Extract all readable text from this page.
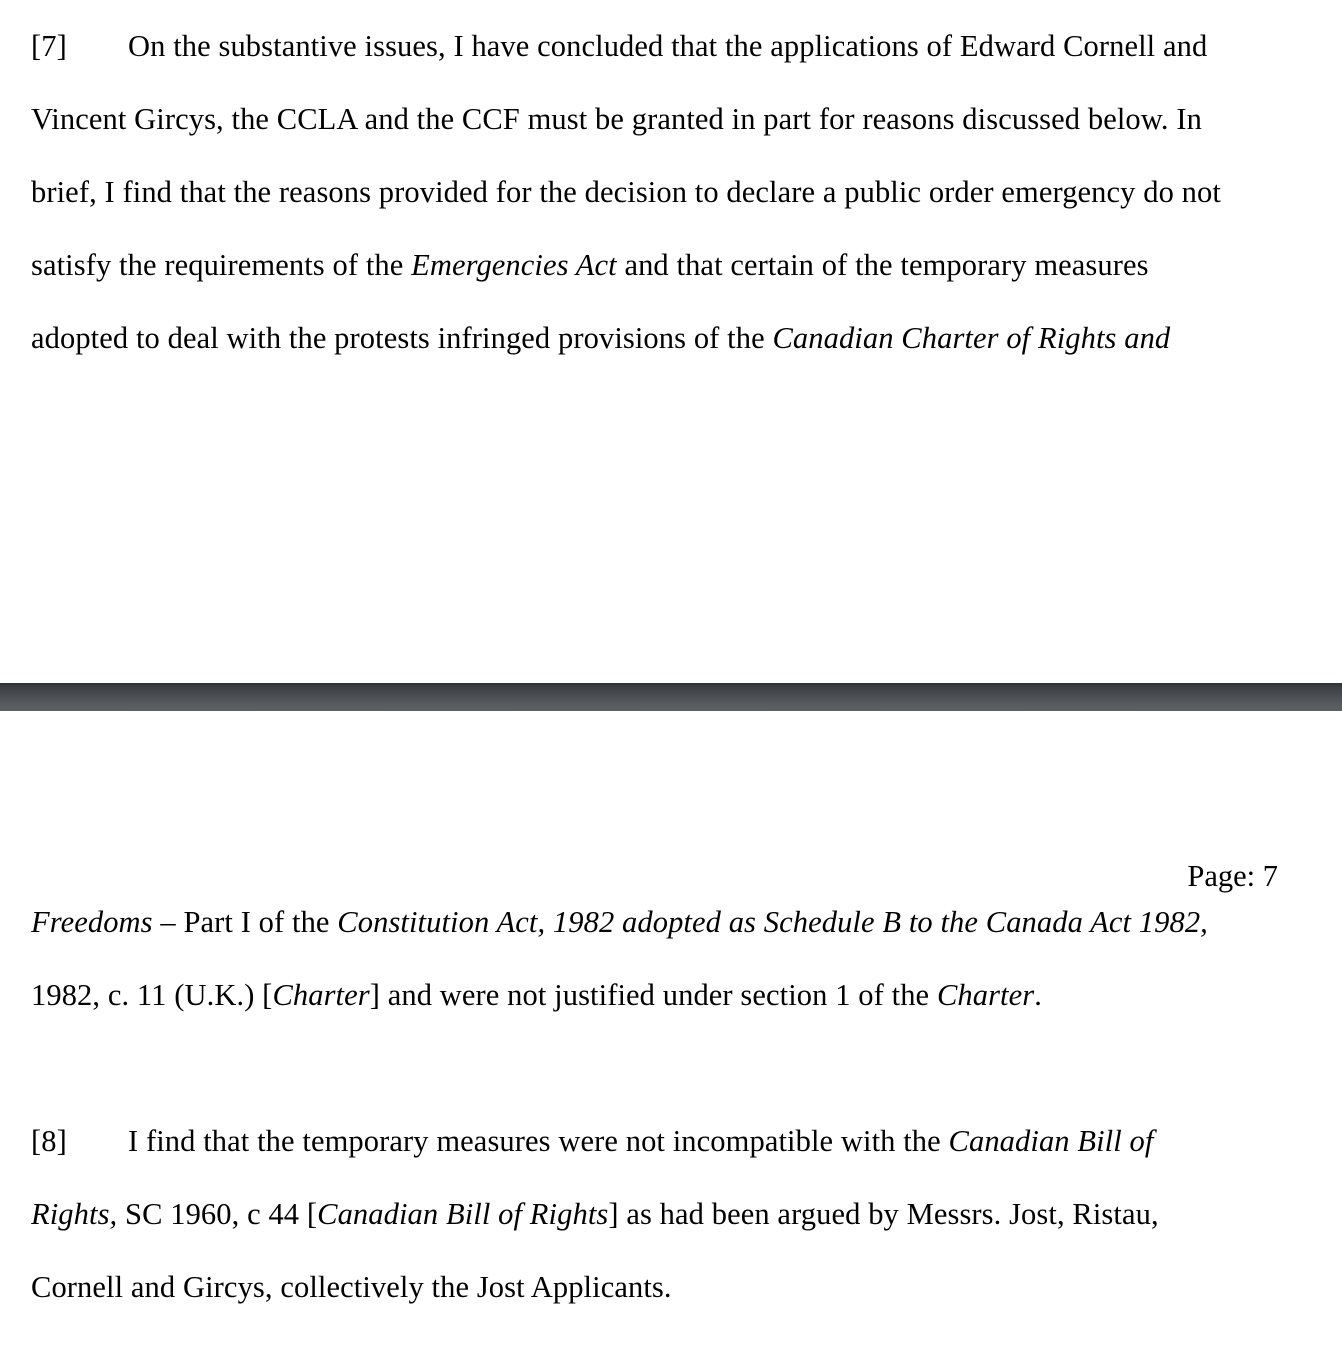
[7] On the substantive issues, I have concluded that the applications of Edward Cornell and
Vincent Gircys, the CCLA and the CCF must be granted in part for reasons discussed below. In
brief, I find that the reasons provided for the decision to declare a public order emergency do not
satisfy the requirements of the Emergencies Act and that certain of the temporary measures
adopted to deal with the protests infringed provisions of the Canadian Charter of Rights and

Page: 7

Freedoms – Part I of the Constitution Act, 1982 adopted as Schedule B to the Canada Act 1982,
1982, c. 11 (U.K.) [Charter] and were not justified under section 1 of the Charter.
[8] I find that the temporary measures were not incompatible with the Canadian Bill of
Rights, SC 1960, c 44 [Canadian Bill of Rights] as had been argued by Messrs. Jost, Ristau,
Cornell and Gircys, collectively the Jost Applicants.
